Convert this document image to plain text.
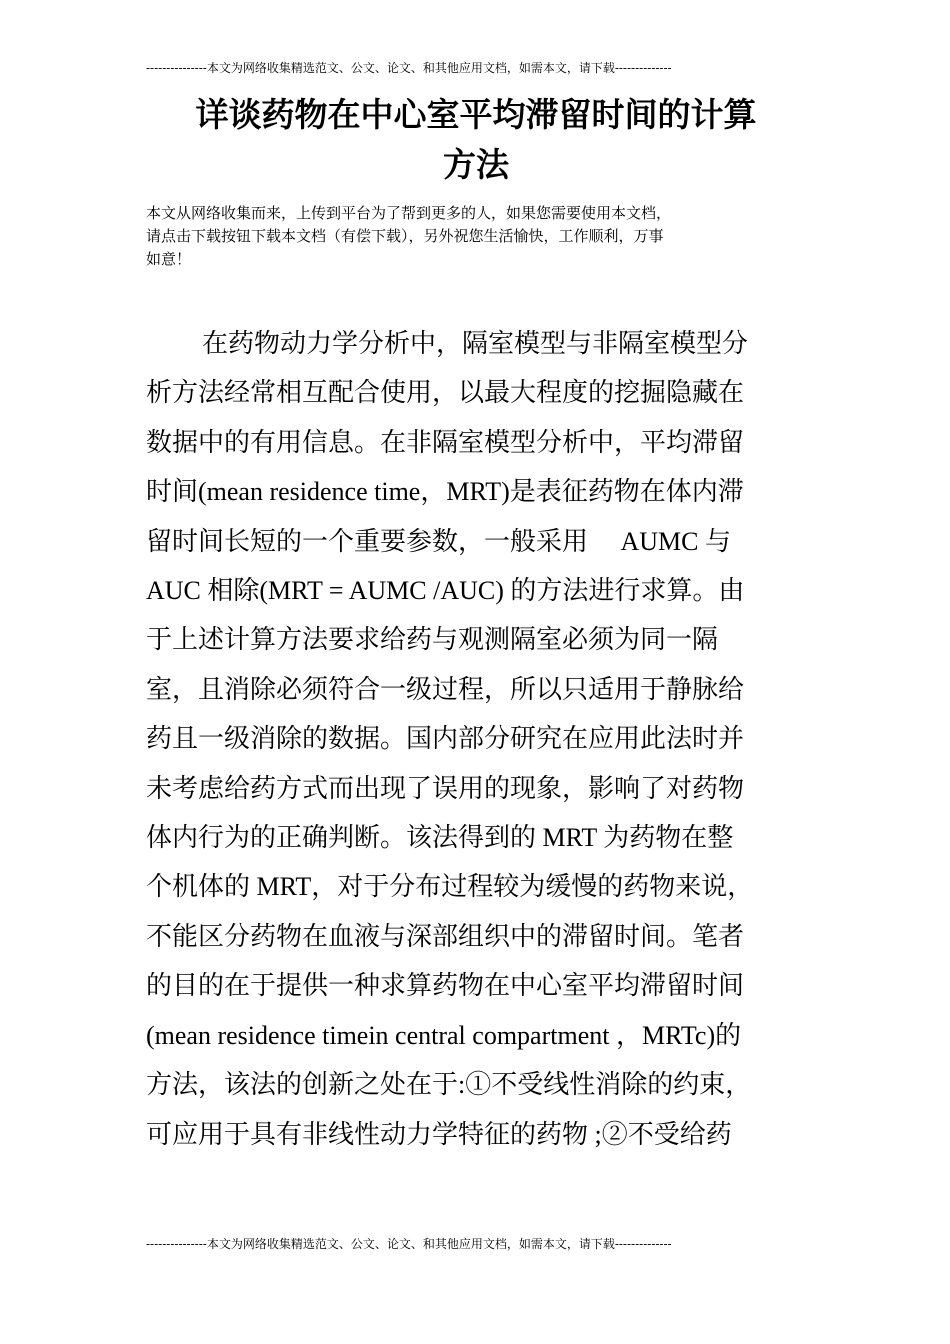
---------------本文为网络收集精选范文、公文、论文、和其他应用文档，如需本文，请下载--------------
详谈药物在中心室平均滞留时间的计算
方法
本文从网络收集而来，上传到平台为了帮到更多的人，如果您需要使用本文档，
请点击下载按钮下载本文档（有偿下载），另外祝您生活愉快，工作顺利，万事
如意！
在药物动力学分析中，隔室模型与非隔室模型分
析方法经常相互配合使用，以最大程度的挖掘隐藏在
数据中的有用信息。在非隔室模型分析中，平均滞留
时间(mean residence time，MRT)是表征药物在体内滞
留时间长短的一个重要参数，一般采用　 AUMC 与
AUC 相除(MRT = AUMC /AUC) 的方法进行求算。由
于上述计算方法要求给药与观测隔室必须为同一隔
室，且消除必须符合一级过程，所以只适用于静脉给
药且一级消除的数据。国内部分研究在应用此法时并
未考虑给药方式而出现了误用的现象，影响了对药物
体内行为的正确判断。该法得到的 MRT 为药物在整
个机体的 MRT，对于分布过程较为缓慢的药物来说，
不能区分药物在血液与深部组织中的滞留时间。笔者
的目的在于提供一种求算药物在中心室平均滞留时间
(mean residence timein central compartment ，MRTc)的
方法，该法的创新之处在于:①不受线性消除的约束，
可应用于具有非线性动力学特征的药物 ;②不受给药
---------------本文为网络收集精选范文、公文、论文、和其他应用文档，如需本文，请下载--------------
